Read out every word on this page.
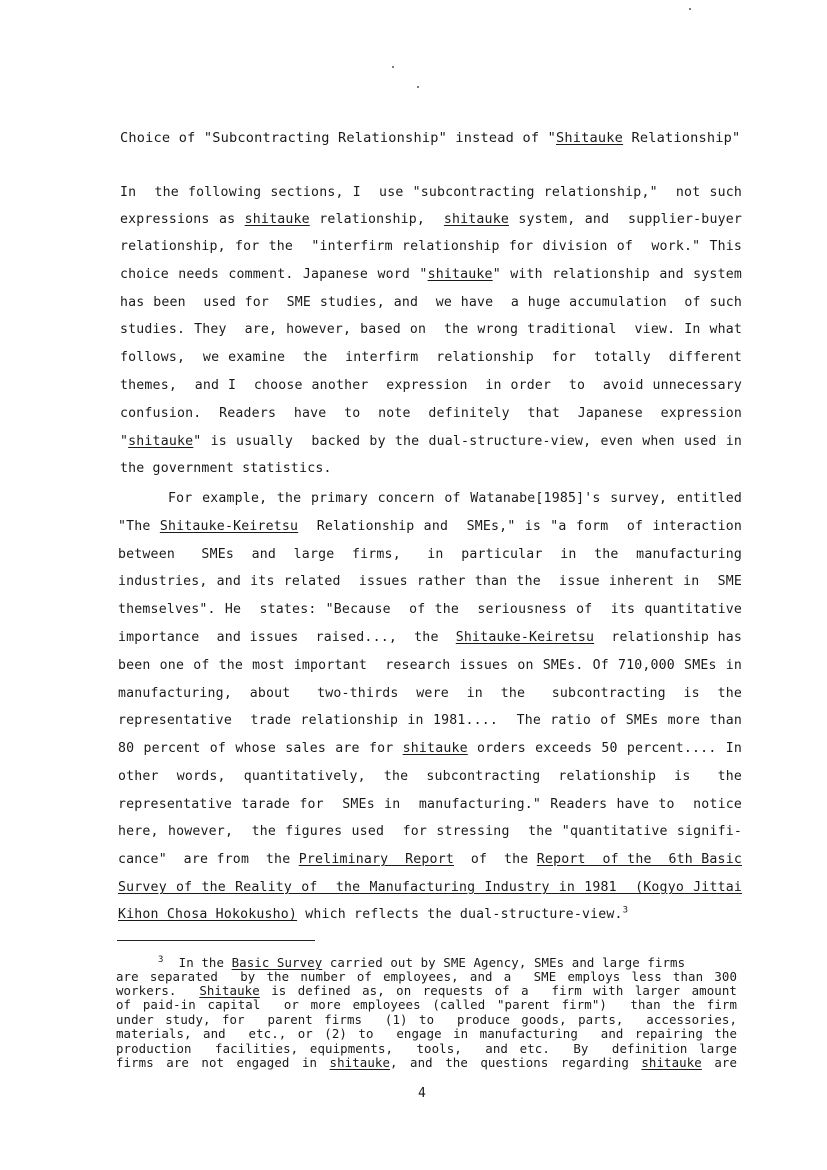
Choice of "Subcontracting Relationship" instead of "Shitauke Relationship"
In  the following sections, I  use "subcontracting relationship,"  not such
expressions as shitauke relationship,  shitauke system, and  supplier-buyer
relationship, for the  "interfirm relationship for division of  work." This
choice needs comment. Japanese word "shitauke" with relationship and system
has been  used for  SME studies, and  we have  a huge accumulation  of such
studies. They  are, however, based on  the wrong traditional  view. In what
follows,  we examine  the  interfirm  relationship  for  totally  different
themes,  and I  choose another  expression  in order  to  avoid unnecessary
confusion.  Readers  have  to  note  definitely  that  Japanese  expression
"shitauke" is usually  backed by the dual-structure-view, even when used in
the government statistics.
For example, the primary concern of Watanabe[1985]'s survey, entitled
"The Shitauke-Keiretsu  Relationship and  SMEs," is "a form  of interaction
between   SMEs  and  large  firms,   in  particular  in  the  manufacturing
industries, and its related  issues rather than the  issue inherent in  SME
themselves". He  states: "Because  of the  seriousness of  its quantitative
importance  and issues  raised...,  the  Shitauke-Keiretsu  relationship has
been one of the most important  research issues on SMEs. Of 710,000 SMEs in
manufacturing,  about   two-thirds  were  in  the   subcontracting  is  the
representative  trade relationship in 1981....  The ratio of SMEs more than
80 percent of whose sales are for shitauke orders exceeds 50 percent.... In
other  words,  quantitatively,  the  subcontracting  relationship  is   the
representative tarade for  SMEs in  manufacturing." Readers have to  notice
here, however,  the figures used  for stressing  the "quantitative signifi-
cance"  are from  the Preliminary  Report  of  the Report  of the  6th Basic
Survey of the Reality of  the Manufacturing Industry in 1981  (Kogyo Jittai
Kihon Chosa Hokokusho) which reflects the dual-structure-view.$^3$
$^3$  In the Basic Survey carried out by SME Agency, SMEs and large firms
are separated  by the number of employees, and a  SME employs less than 300
workers.  Shitauke is defined as, on requests of a  firm with larger amount
of paid-in capital  or more employees (called "parent firm")  than the firm
under study, for  parent firms  (1) to  produce goods, parts,  accessories,
materials, and  etc., or (2) to  engage in manufacturing  and repairing the
production  facilities, equipments,  tools,  and etc.  By  definition large
firms are not engaged in shitauke, and the questions regarding shitauke are
4
